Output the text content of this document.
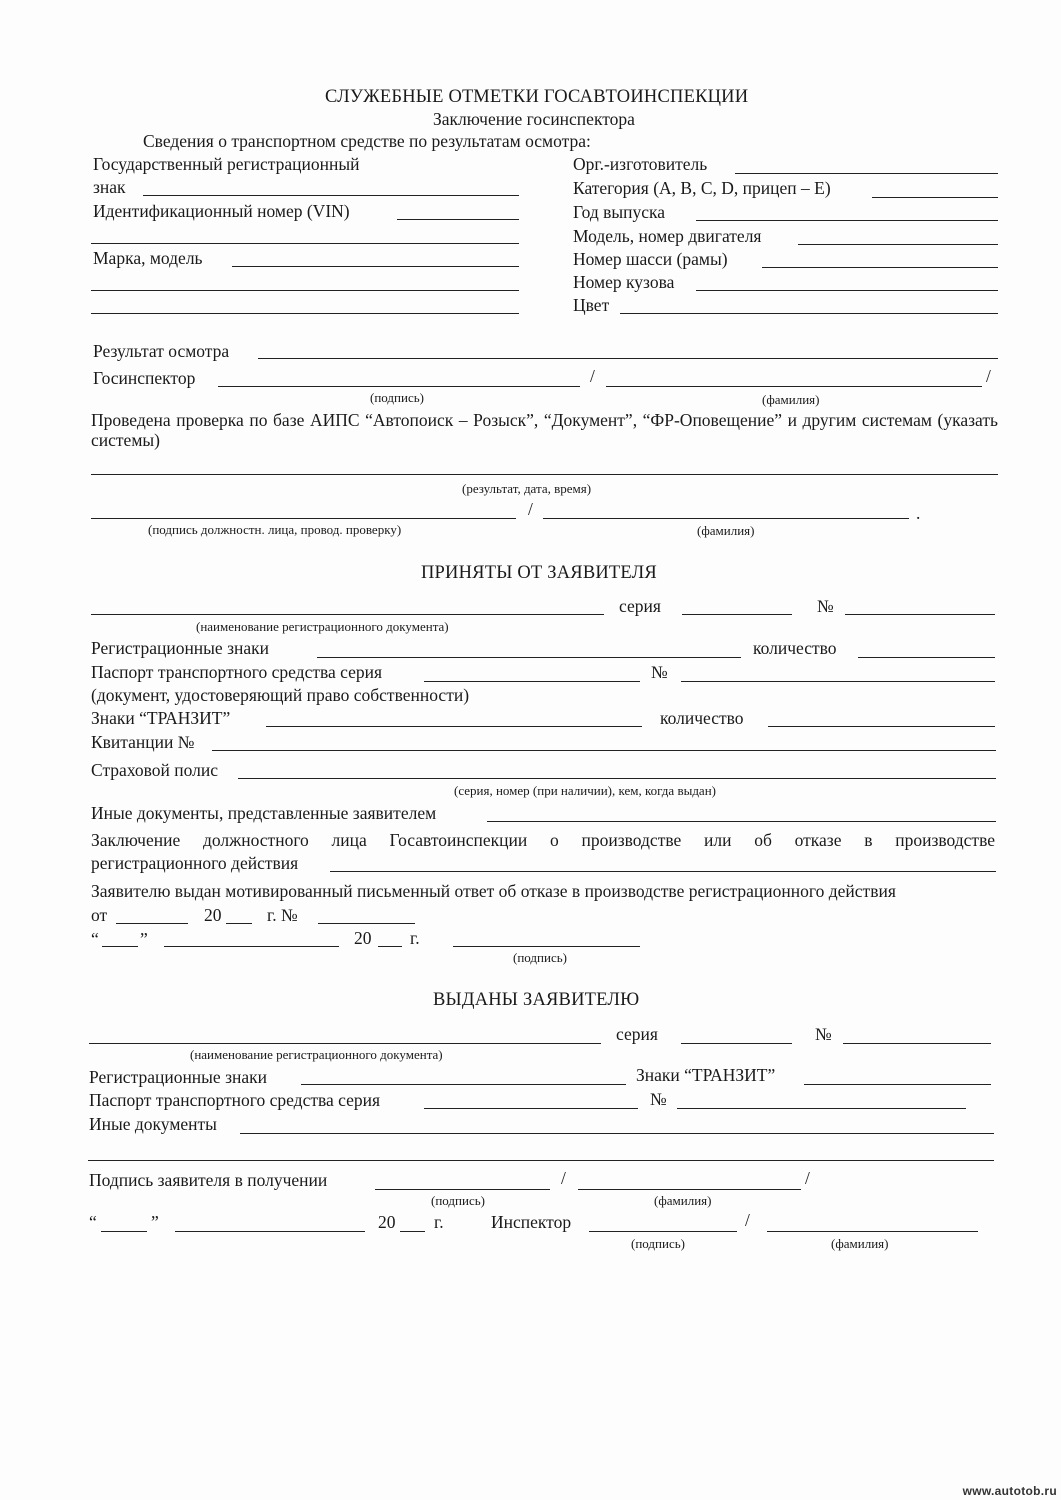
СЛУЖЕБНЫЕ ОТМЕТКИ ГОСАВТОИНСПЕКЦИИ
Заключение госинспектора
Сведения о транспортном средстве по результатам осмотра:
Государственный регистрационный
знак
Идентификационный номер (VIN)
Марка, модель
Орг.-изготовитель
Категория (А, В, С, D, прицеп – Е)
Год выпуска
Модель, номер двигателя
Номер шасси (рамы)
Номер кузова
Цвет
Результат осмотра
Госинспектор	/	/
(подпись)	(фамилия)
Проведена проверка по базе АИПС “Автопоиск – Розыск”, “Документ”, “ФР-Оповещение” и другим системам (указать системы)
(результат, дата, время)
/	.
(подпись должностн. лица, провод. проверку)	(фамилия)
ПРИНЯТЫ ОТ ЗАЯВИТЕЛЯ
серия	№
(наименование регистрационного документа)
Регистрационные знаки	количество
Паспорт транспортного средства серия	№
(документ, удостоверяющий право собственности)
Знаки “ТРАНЗИТ”	количество
Квитанции №
Страховой полис
(серия, номер (при наличии), кем, когда выдан)
Иные документы, представленные заявителем
Заключение должностного лица Госавтоинспекции о производстве или об отказе в производстве
регистрационного действия
Заявителю выдан мотивированный письменный ответ об отказе в производстве регистрационного действия
от	20	г. №
“ ”	20 г.
(подпись)
ВЫДАНЫ ЗАЯВИТЕЛЮ
серия	№
(наименование регистрационного документа)
Регистрационные знаки	Знаки “ТРАНЗИТ”
Паспорт транспортного средства серия	№
Иные документы
Подпись заявителя в получении	/	/
(подпись)	(фамилия)
“	”	20 г.	Инспектор	/
(подпись)	(фамилия)
www.autotob.ru
